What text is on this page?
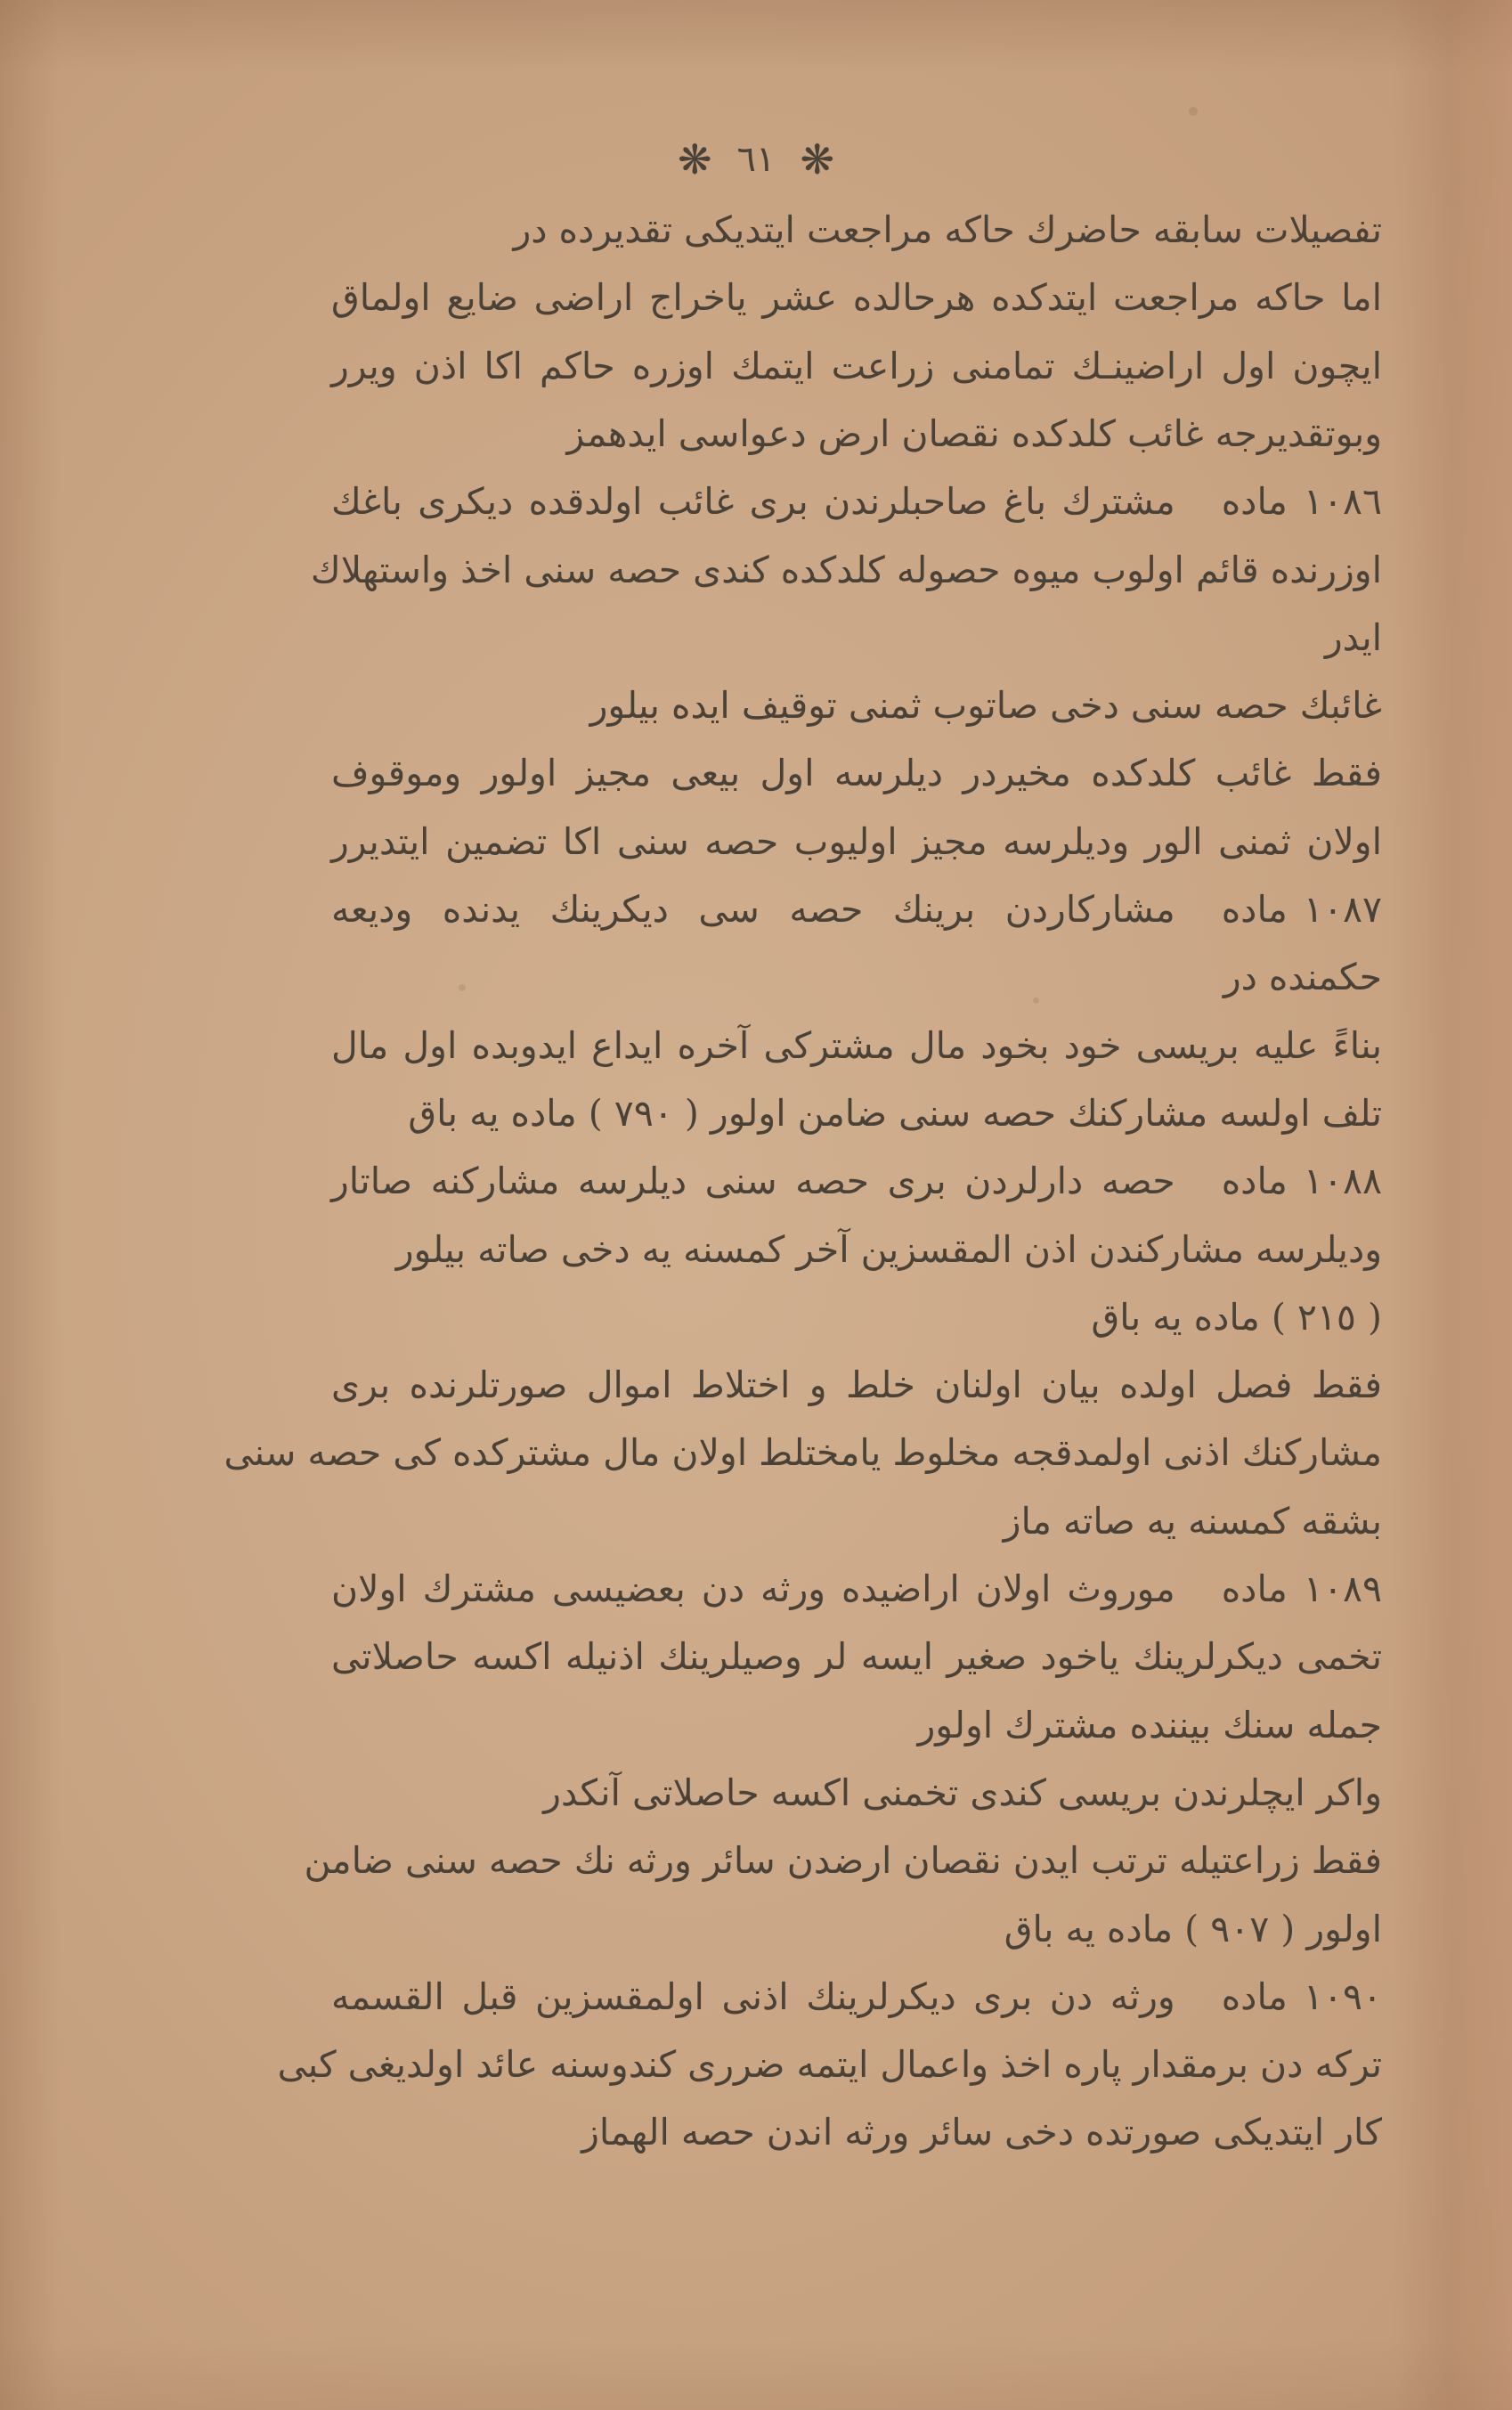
❋ ٦١ ❋
تفصيلات سابقه حاضرك حاكه مراجعت ايتديكى تقديرده در
اما حاكه مراجعت ايتدكده هرحالده عشر ياخراج اراضى ضايع اولماق
ايچون اول اراضينـك تمامنى زراعت ايتمك اوزره حاكم اكا اذن ويرر
وبوتقديرجه غائب كلدكده نقصان ارض دعواسى ايدهمز
١٠٨٦مادهمشترك باغ صاحبلرندن برى غائب اولدقده ديكرى باغك
اوزرنده قائم اولوب ميوه حصوله كلدكده كندى حصه سنى اخذ واستهلاك
ايدر
غائبك حصه سنى دخى صاتوب ثمنى توقيف ايده بيلور
فقط غائب كلدكده مخيردر ديلرسه اول بيعى مجيز اولور وموقوف
اولان ثمنى الور وديلرسه مجيز اوليوب حصه سنى اكا تضمين ايتديرر
١٠٨٧مادهمشاركاردن برينك حصه سى ديكرينك يدنده وديعه
حكمنده در
بناءً عليه بريسى خود بخود مال مشتركى آخره ايداع ايدوبده اول مال
تلف اولسه مشاركنك حصه سنى ضامن اولور ( ٧٩٠ ) ماده يه باق
١٠٨٨مادهحصه دارلردن برى حصه سنى ديلرسه مشاركنه صاتار
وديلرسه مشاركندن اذن المقسزين آخر كمسنه يه دخى صاته بيلور
( ٢١٥ ) ماده يه باق
فقط فصل اولده بيان اولنان خلط و اختلاط اموال صورتلرنده برى
مشاركنك اذنى اولمدقجه مخلوط يامختلط اولان مال مشتركده كى حصه سنى
بشقه كمسنه يه صاته ماز
١٠٨٩مادهموروث اولان اراضيده ورثه دن بعضيسى مشترك اولان
تخمى ديكرلرينك ياخود صغير ايسه لر وصيلرينك اذنيله اكسه حاصلاتى
جمله سنك بيننده مشترك اولور
واكر ايچلرندن بريسى كندى تخمنى اكسه حاصلاتى آنكدر
فقط زراعتيله ترتب ايدن نقصان ارضدن سائر ورثه نك حصه سنى ضامن
اولور ( ٩٠٧ ) ماده يه باق
١٠٩٠مادهورثه دن برى ديكرلرينك اذنى اولمقسزين قبل القسمه
تركه دن برمقدار پاره اخذ واعمال ايتمه ضررى كندوسنه عائد اولديغى كبى
كار ايتديكى صورتده دخى سائر ورثه اندن حصه الهماز
